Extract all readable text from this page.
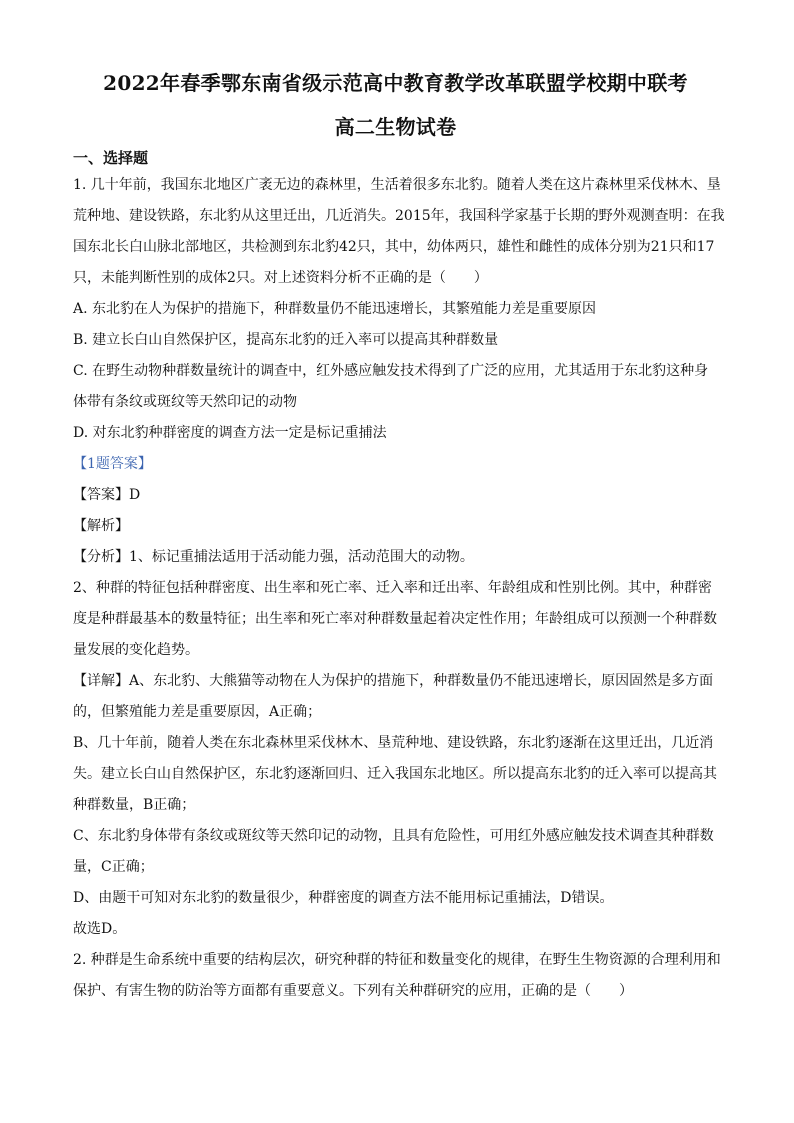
2022年春季鄂东南省级示范高中教育教学改革联盟学校期中联考
高二生物试卷
一、选择题
1. 几十年前，我国东北地区广袤无边的森林里，生活着很多东北豹。随着人类在这片森林里采伐林木、垦
荒种地、建设铁路，东北豹从这里迁出，几近消失。2015年，我国科学家基于长期的野外观测查明：在我
国东北长白山脉北部地区，共检测到东北豹42只，其中，幼体两只，雄性和雌性的成体分别为21只和17
只，未能判断性别的成体2只。对上述资料分析不正确的是（　　）
A. 东北豹在人为保护的措施下，种群数量仍不能迅速增长，其繁殖能力差是重要原因
B. 建立长白山自然保护区，提高东北豹的迁入率可以提高其种群数量
C. 在野生动物种群数量统计的调查中，红外感应触发技术得到了广泛的应用，尤其适用于东北豹这种身
体带有条纹或斑纹等天然印记的动物
D. 对东北豹种群密度的调查方法一定是标记重捕法
【1题答案】
【答案】D
【解析】
【分析】1、标记重捕法适用于活动能力强，活动范围大的动物。
2、种群的特征包括种群密度、出生率和死亡率、迁入率和迁出率、年龄组成和性别比例。其中，种群密
度是种群最基本的数量特征；出生率和死亡率对种群数量起着决定性作用；年龄组成可以预测一个种群数
量发展的变化趋势。
【详解】A、东北豹、大熊猫等动物在人为保护的措施下，种群数量仍不能迅速增长，原因固然是多方面
的，但繁殖能力差是重要原因，A正确；
B、几十年前，随着人类在东北森林里采伐林木、垦荒种地、建设铁路，东北豹逐渐在这里迁出，几近消
失。建立长白山自然保护区，东北豹逐渐回归、迁入我国东北地区。所以提高东北豹的迁入率可以提高其
种群数量，B正确；
C、东北豹身体带有条纹或斑纹等天然印记的动物，且具有危险性，可用红外感应触发技术调查其种群数
量，C正确；
D、由题干可知对东北豹的数量很少，种群密度的调查方法不能用标记重捕法，D错误。
故选D。
2. 种群是生命系统中重要的结构层次，研究种群的特征和数量变化的规律，在野生生物资源的合理利用和
保护、有害生物的防治等方面都有重要意义。下列有关种群研究的应用，正确的是（　　）
